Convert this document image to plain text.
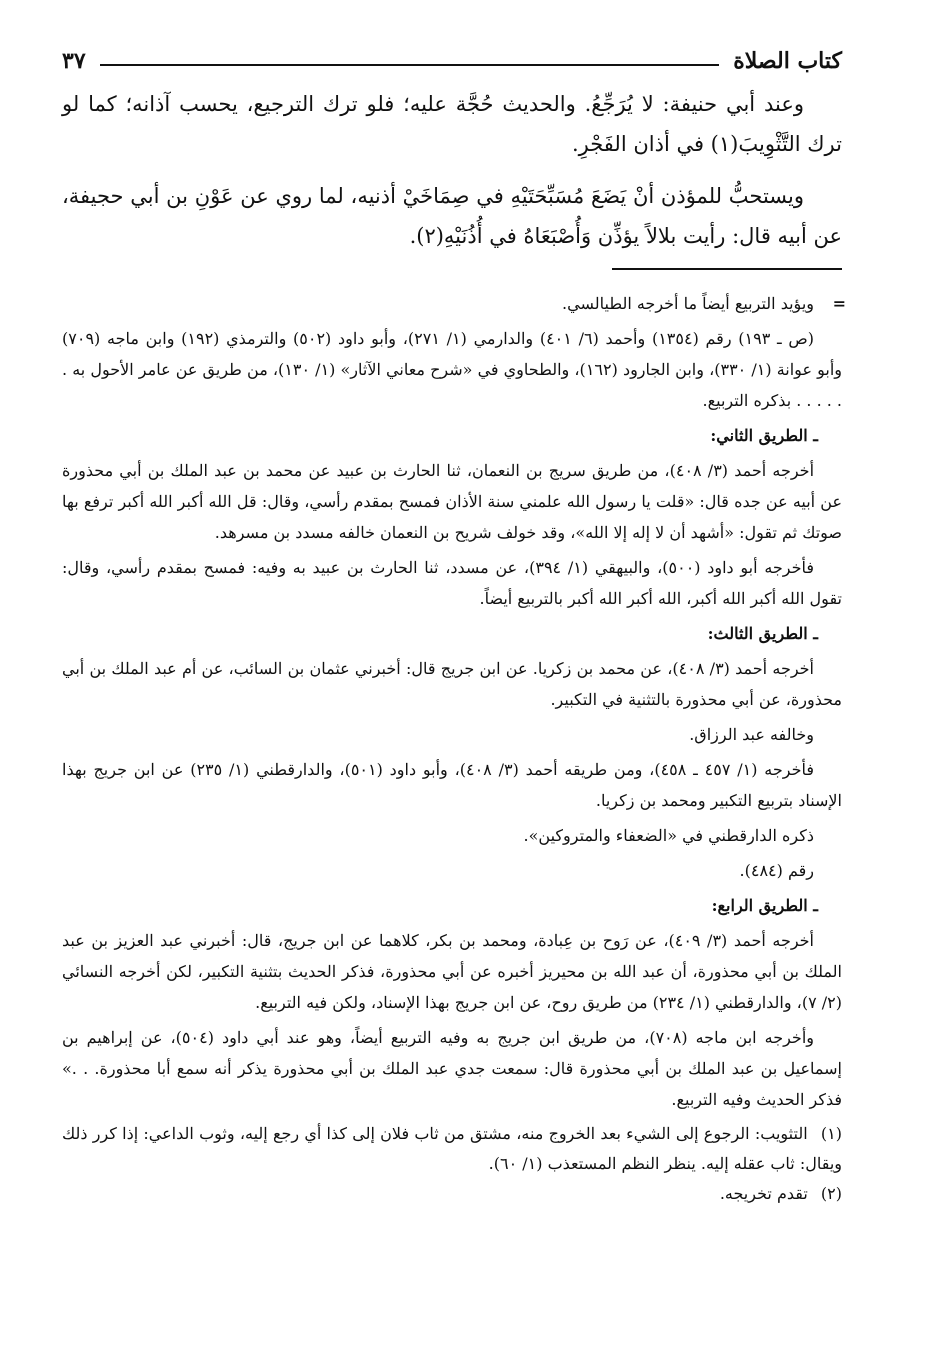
كتاب الصلاة
٣٧

وعند أبي حنيفة: لا يُرَجِّعُ. والحديث حُجَّة عليه؛ فلو ترك الترجيع، يحسب آذانه؛ كما لو ترك التَّثْوِيبَ(١) في أذان الفَجْرِ.

ويستحبُّ للمؤذن أنْ يَضَعَ مُسَبِّحَتَيْهِ في صِمَاخَيْ أذنيه، لما روي عن عَوْنِ بن أبي حجيفة، عن أبيه قال: رأيت بلالاً يؤذِّن وَأُصْبَعَاهُ في أُذُنَيْهِ(٢).

=
ويؤيد التربيع أيضاً ما أخرجه الطيالسي.

(ص ـ ١٩٣) رقم (١٣٥٤) وأحمد (٦/ ٤٠١) والدارمي (١/ ٢٧١)، وأبو داود (٥٠٢) والترمذي (١٩٢) وابن ماجه (٧٠٩) وأبو عوانة (١/ ٣٣٠)، وابن الجارود (١٦٢)، والطحاوي في «شرح معاني الآثار» (١/ ١٣٠)، من طريق عن عامر الأحول به . . . . . . بذكره التربيع.

ـ الطريق الثاني:

أخرجه أحمد (٣/ ٤٠٨)، من طريق سريج بن النعمان، ثنا الحارث بن عبيد عن محمد بن عبد الملك بن أبي محذورة عن أبيه عن جده قال: «قلت يا رسول الله علمني سنة الأذان فمسح بمقدم رأسي، وقال: قل الله أكبر الله أكبر ترفع بها صوتك ثم تقول: «أشهد أن لا إله إلا الله»، وقد خولف شريح بن النعمان خالفه مسدد بن مسرهد.

فأخرجه أبو داود (٥٠٠)، والبيهقي (١/ ٣٩٤)، عن مسدد، ثنا الحارث بن عبيد به وفيه: فمسح بمقدم رأسي، وقال: تقول الله أكبر الله أكبر، الله أكبر الله أكبر بالتربيع أيضاً.

ـ الطريق الثالث:

أخرجه أحمد (٣/ ٤٠٨)، عن محمد بن زكريا. عن ابن جريج قال: أخبرني عثمان بن السائب، عن أم عبد الملك بن أبي محذورة، عن أبي محذورة بالتثنية في التكبير.

وخالفه عبد الرزاق.

فأخرجه (١/ ٤٥٧ ـ ٤٥٨)، ومن طريقه أحمد (٣/ ٤٠٨)، وأبو داود (٥٠١)، والدارقطني (١/ ٢٣٥) عن ابن جريج بهذا الإسناد بتربيع التكبير ومحمد بن زكريا.

ذكره الدارقطني في «الضعفاء والمتروكين».

رقم (٤٨٤).

ـ الطريق الرابع:

أخرجه أحمد (٣/ ٤٠٩)، عن رَوح بن عِبادة، ومحمد بن بكر، كلاهما عن ابن جريج، قال: أخبرني عبد العزيز بن عبد الملك بن أبي محذورة، أن عبد الله بن محيريز أخبره عن أبي محذورة، فذكر الحديث بتثنية التكبير، لكن أخرجه النسائي (٢/ ٧)، والدارقطني (١/ ٢٣٤) من طريق روح، عن ابن جريج بهذا الإسناد، ولكن فيه التربيع.

وأخرجه ابن ماجه (٧٠٨)، من طريق ابن جريج به وفيه التربيع أيضاً، وهو عند أبي داود (٥٠٤)، عن إبراهيم بن إسماعيل بن عبد الملك بن أبي محذورة قال: سمعت جدي عبد الملك بن أبي محذورة يذكر أنه سمع أبا محذورة. . .» فذكر الحديث وفيه التربيع.

(١) التثويب: الرجوع إلى الشيء بعد الخروج منه، مشتق من ثاب فلان إلى كذا أي رجع إليه، وثوب الداعي: إذا كرر ذلك ويقال: ثاب عقله إليه. ينظر النظم المستعذب (١/ ٦٠).

(٢) تقدم تخريجه.
